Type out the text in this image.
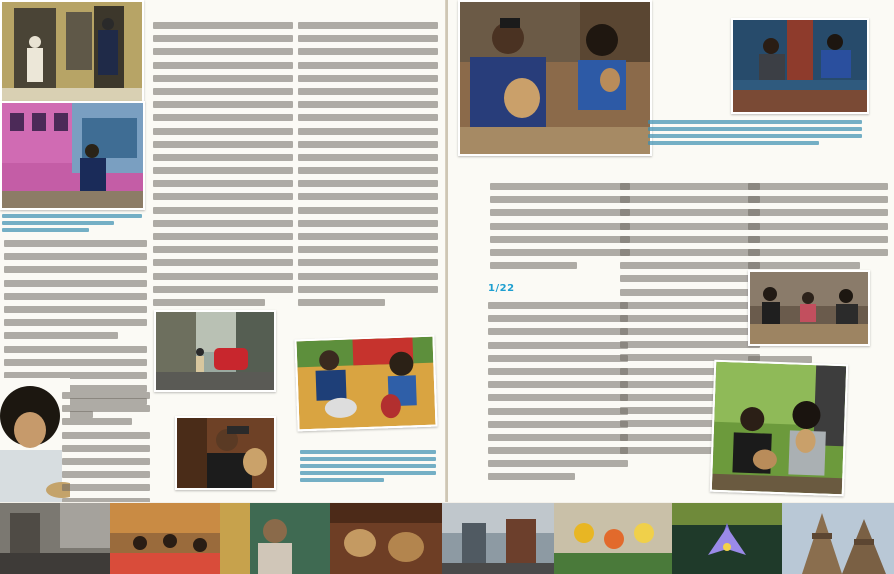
1/22
